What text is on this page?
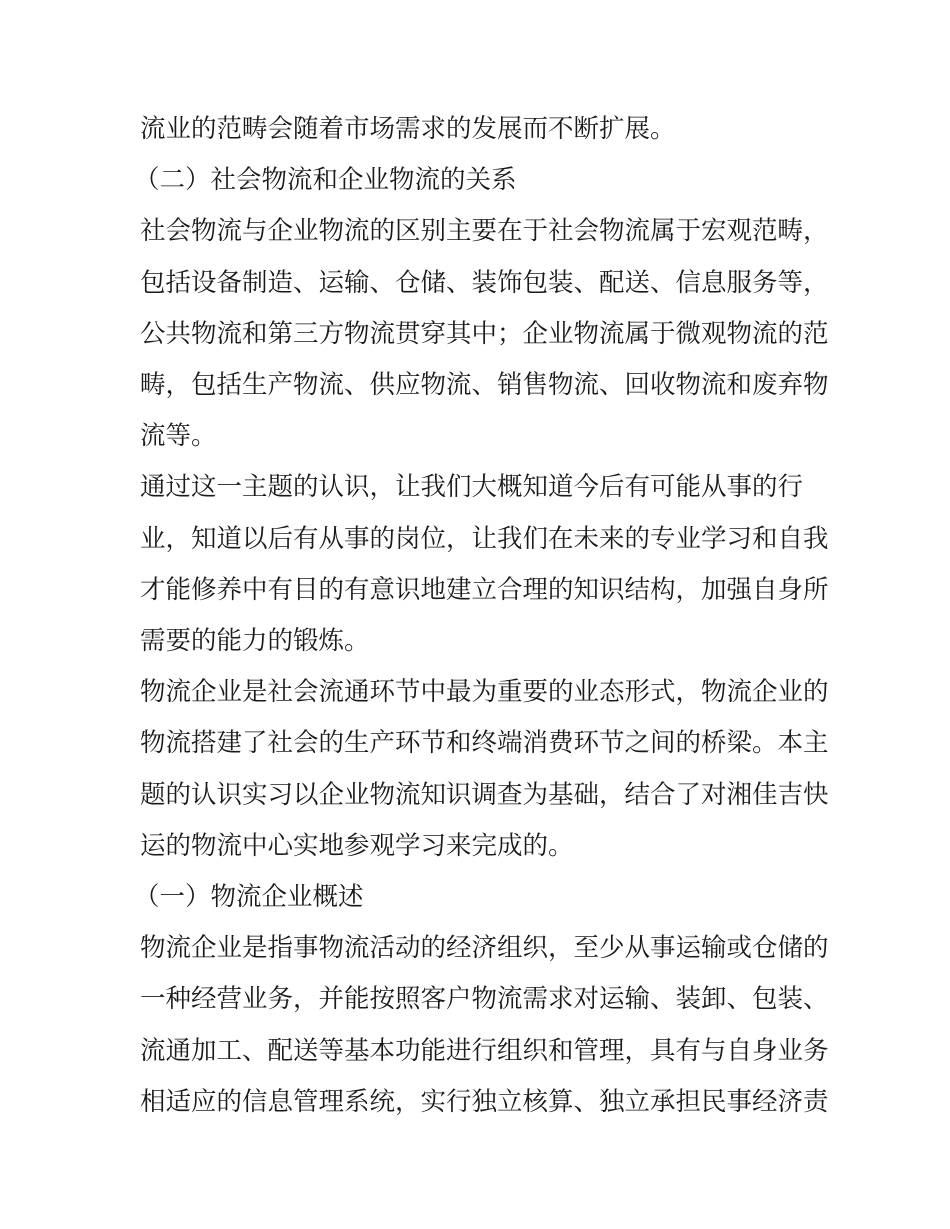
流业的范畴会随着市场需求的发展而不断扩展。

（二）社会物流和企业物流的关系

社会物流与企业物流的区别主要在于社会物流属于宏观范畴，包括设备制造、运输、仓储、装饰包装、配送、信息服务等，公共物流和第三方物流贯穿其中；企业物流属于微观物流的范畴，包括生产物流、供应物流、销售物流、回收物流和废弃物流等。

通过这一主题的认识，让我们大概知道今后有可能从事的行业，知道以后有从事的岗位，让我们在未来的专业学习和自我才能修养中有目的有意识地建立合理的知识结构，加强自身所需要的能力的锻炼。

物流企业是社会流通环节中最为重要的业态形式，物流企业的物流搭建了社会的生产环节和终端消费环节之间的桥梁。本主题的认识实习以企业物流知识调查为基础，结合了对湘佳吉快运的物流中心实地参观学习来完成的。

（一）物流企业概述

物流企业是指事物流活动的经济组织，至少从事运输或仓储的一种经营业务，并能按照客户物流需求对运输、装卸、包装、流通加工、配送等基本功能进行组织和管理，具有与自身业务相适应的信息管理系统，实行独立核算、独立承担民事经济责
